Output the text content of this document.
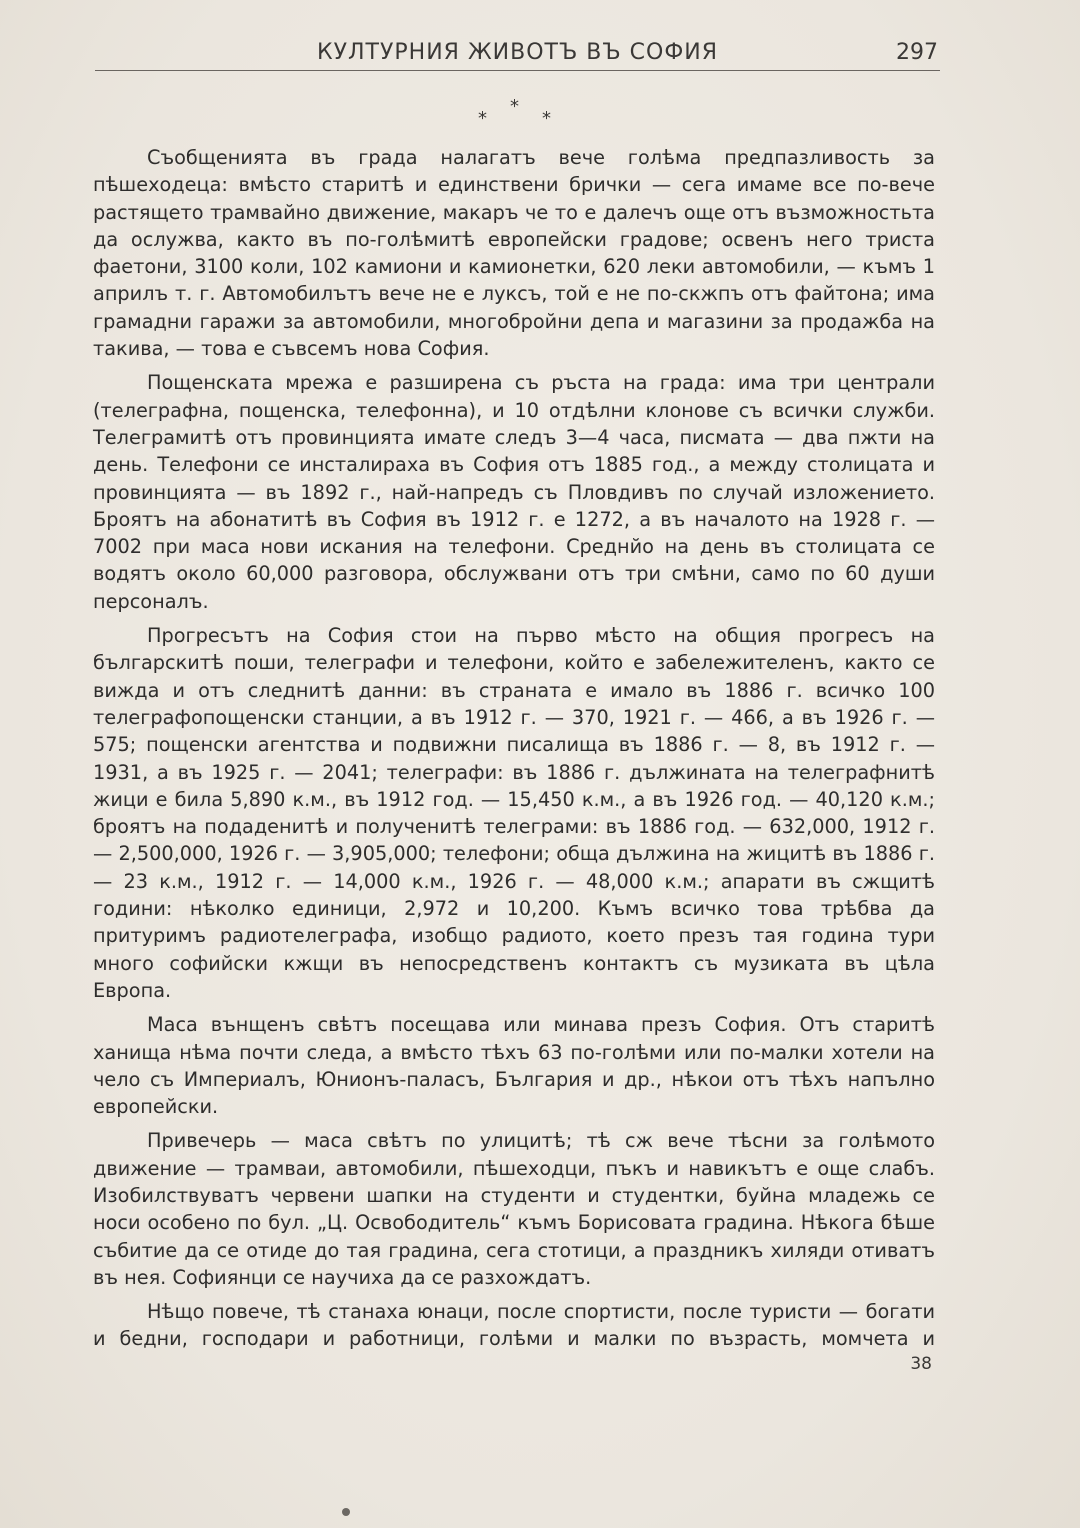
КУЛТУРНИЯ ЖИВОТЪ ВЪ СОФИЯ	297
*
*	*

Съобщенията въ града налагатъ вече голѣма предпазливость за пѣшеходеца: вмѣсто старитѣ и единствени брички — сега имаме все по-вече растящето трамвайно движение, макаръ че то е далечъ още отъ възможностьта да ослужва, както въ по-голѣмитѣ европейски градове; освенъ него триста фаетони, 3100 коли, 102 камиони и камионетки, 620 леки автомобили, — къмъ 1 априлъ т. г. Автомобилътъ вече не е луксъ, той е не по-скжпъ отъ файтона; има грамадни гаражи за автомобили, многобройни депа и магазини за продажба на такива, — това е съвсемъ нова София.

Пощенската мрежа е разширена съ ръста на града: има три централи (телеграфна, пощенска, телефонна), и 10 отдѣлни клонове съ всички служби. Телеграмитѣ отъ провинцията имате следъ 3—4 часа, писмата — два пжти на день. Телефони се инсталираха въ София отъ 1885 год., а между столицата и провинцията — въ 1892 г., най-напредъ съ Пловдивъ по случай изложението. Броятъ на абонатитѣ въ София въ 1912 г. е 1272, а въ началото на 1928 г. — 7002 при маса нови искания на телефони. Среднйо на день въ столицата се водятъ около 60,000 разговора, обслужвани отъ три смѣни, само по 60 души персоналъ.

Прогресътъ на София стои на първо мѣсто на общия прогресъ на българскитѣ поши, телеграфи и телефони, който е забележителенъ, както се вижда и отъ следнитѣ данни: въ страната е имало въ 1886 г. всичко 100 телеграфопощенски станции, а въ 1912 г. — 370, 1921 г. — 466, а въ 1926 г. — 575; пощенски агентства и подвижни писалища въ 1886 г. — 8, въ 1912 г. — 1931, а въ 1925 г. — 2041; телеграфи: въ 1886 г. дължината на телеграфнитѣ жици е била 5,890 к.м., въ 1912 год. — 15,450 к.м., а въ 1926 год. — 40,120 к.м.; броятъ на подаденитѣ и полученитѣ телеграми: въ 1886 год. — 632,000, 1912 г. — 2,500,000, 1926 г. — 3,905,000; телефони; обща дължина на жицитѣ въ 1886 г. — 23 к.м., 1912 г. — 14,000 к.м., 1926 г. — 48,000 к.м.; апарати въ сжщитѣ години: нѣколко единици, 2,972 и 10,200. Къмъ всичко това трѣбва да притуримъ радиотелеграфа, изобщо радиото, което презъ тая година тури много софийски кжщи въ непосредственъ контактъ съ музиката въ цѣла Европа.

Маса вънщенъ свѣтъ посещава или минава презъ София. Отъ старитѣ ханища нѣма почти следа, а вмѣсто тѣхъ 63 по-голѣми или по-малки хотели на чело съ Империалъ, Юнионъ-паласъ, България и др., нѣкои отъ тѣхъ напълно европейски.

Привечерь — маса свѣтъ по улицитѣ; тѣ сж вече тѣсни за голѣмото движение — трамваи, автомобили, пѣшеходци, пъкъ и навикътъ е още слабъ. Изобилствуватъ червени шапки на студенти и студентки, буйна младежь се носи особено по бул. „Ц. Освободитель“ къмъ Борисовата градина. Нѣкога бѣше събитие да се отиде до тая градина, сега стотици, а праздникъ хиляди отиватъ въ нея. Софиянци се научиха да се разхождатъ.

Нѣщо повече, тѣ станаха юнаци, после спортисти, после туристи — богати и бедни, господари и работници, голѣми и малки по възрасть, момчета и

38
